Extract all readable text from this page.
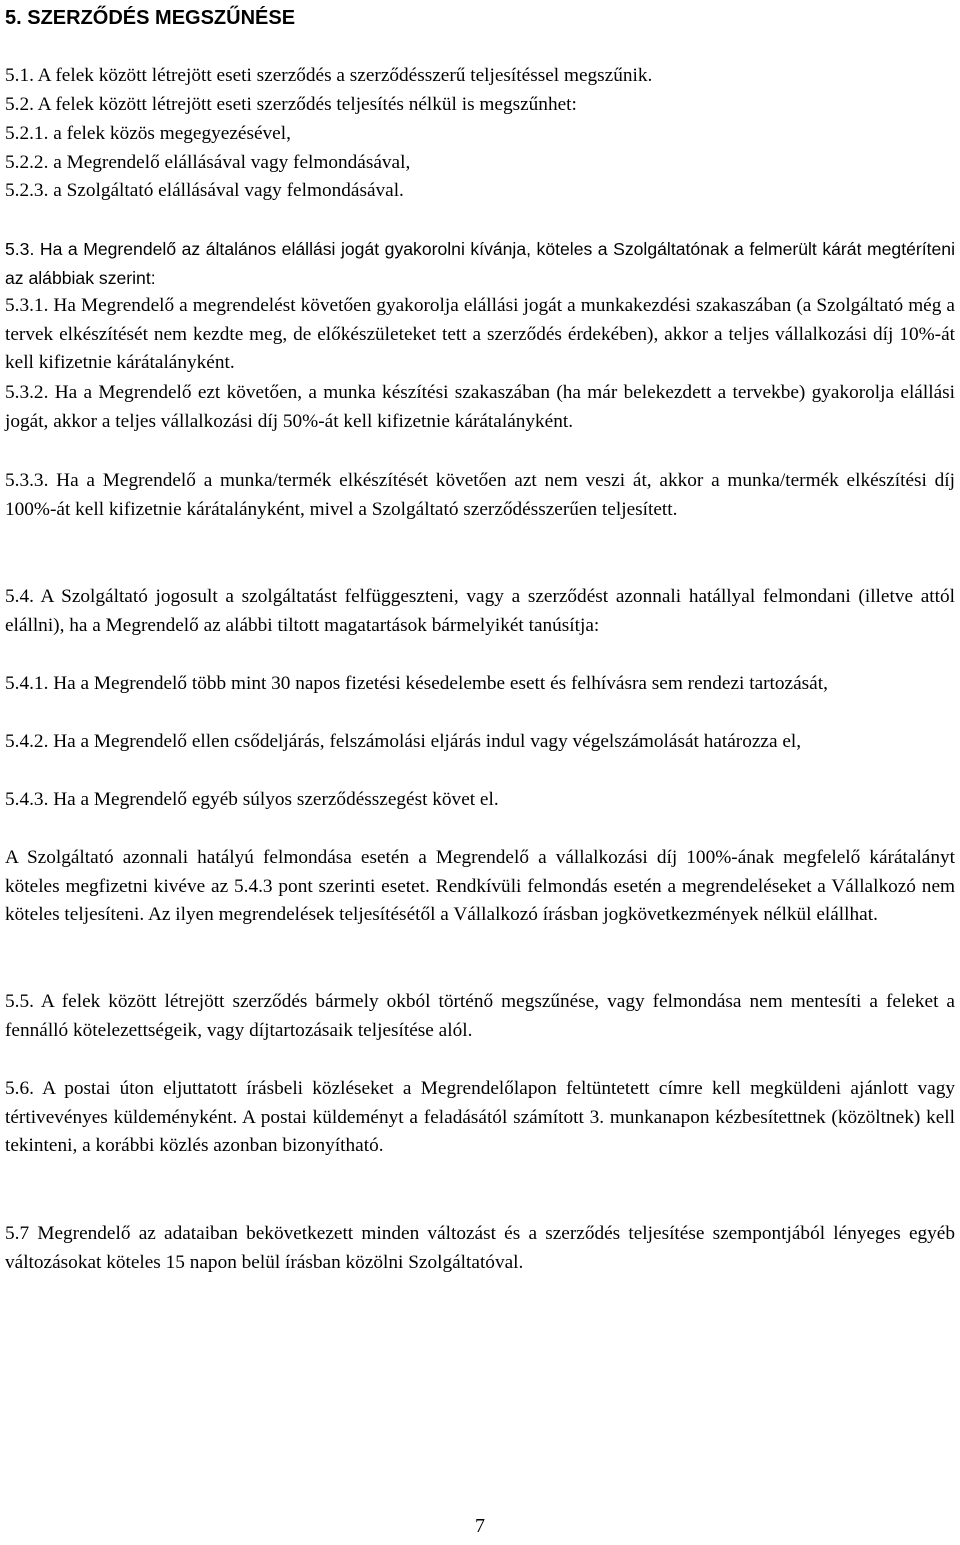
5. SZERZŐDÉS MEGSZŰNÉSE

5.1. A felek között létrejött eseti szerződés a szerződésszerű teljesítéssel megszűnik.

5.2. A felek között létrejött eseti szerződés teljesítés nélkül is megszűnhet:

5.2.1. a felek közös megegyezésével,

5.2.2. a Megrendelő elállásával vagy felmondásával,

5.2.3. a Szolgáltató elállásával vagy felmondásával.

5.3. Ha a Megrendelő az általános elállási jogát gyakorolni kívánja, köteles a Szolgáltatónak a felmerült kárát megtéríteni az alábbiak szerint:

5.3.1. Ha Megrendelő a megrendelést követően gyakorolja elállási jogát a munkakezdési szakaszában (a Szolgáltató még a tervek elkészítését nem kezdte meg, de előkészületeket tett a szerződés érdekében), akkor a teljes vállalkozási díj 10%-át kell kifizetnie kárátalányként.

5.3.2. Ha a Megrendelő ezt követően, a munka készítési szakaszában (ha már belekezdett a tervekbe) gyakorolja elállási jogát, akkor a teljes vállalkozási díj 50%-át kell kifizetnie kárátalányként.

5.3.3. Ha a Megrendelő a munka/termék elkészítését követően azt nem veszi át, akkor a munka/termék elkészítési díj 100%-át kell kifizetnie kárátalányként, mivel a Szolgáltató szerződésszerűen teljesített.

5.4. A Szolgáltató jogosult a szolgáltatást felfüggeszteni, vagy a szerződést azonnali hatállyal felmondani (illetve attól elállni), ha a Megrendelő az alábbi tiltott magatartások bármelyikét tanúsítja:

5.4.1. Ha a Megrendelő több mint 30 napos fizetési késedelembe esett és felhívásra sem rendezi tartozását,

5.4.2. Ha a Megrendelő ellen csődeljárás, felszámolási eljárás indul vagy végelszámolását határozza el,

5.4.3. Ha a Megrendelő egyéb súlyos szerződésszegést követ el.

A Szolgáltató azonnali hatályú felmondása esetén a Megrendelő a vállalkozási díj 100%-ának megfelelő kárátalányt köteles megfizetni kivéve az 5.4.3 pont szerinti esetet. Rendkívüli felmondás esetén a megrendeléseket a Vállalkozó nem köteles teljesíteni. Az ilyen megrendelések teljesítésétől a Vállalkozó írásban jogkövetkezmények nélkül elállhat.

5.5. A felek között létrejött szerződés bármely okból történő megszűnése, vagy felmondása nem mentesíti a feleket a fennálló kötelezettségeik, vagy díjtartozásaik teljesítése alól.

5.6. A postai úton eljuttatott írásbeli közléseket a Megrendelőlapon feltüntetett címre kell megküldeni ajánlott vagy tértivevényes küldeményként. A postai küldeményt a feladásától számított 3. munkanapon kézbesítettnek (közöltnek) kell tekinteni, a korábbi közlés azonban bizonyítható.

5.7 Megrendelő az adataiban bekövetkezett minden változást és a szerződés teljesítése szempontjából lényeges egyéb változásokat köteles 15 napon belül írásban közölni Szolgáltatóval.

7
